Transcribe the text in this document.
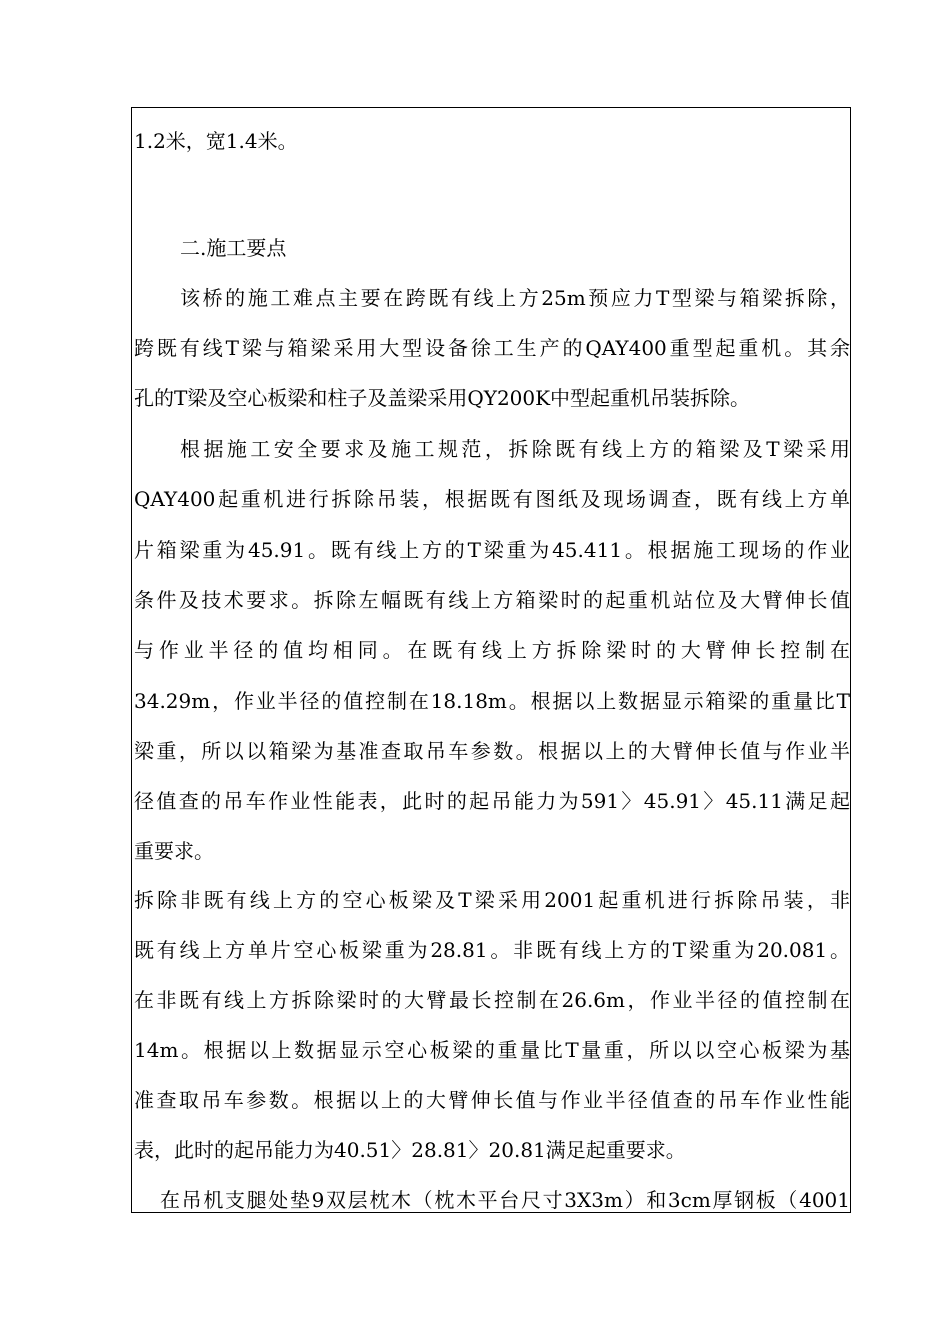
1.2米，宽1.4米。
二.施工要点
该桥的施工难点主要在跨既有线上方25m预应力T型梁与箱梁拆除，
跨既有线T梁与箱梁采用大型设备徐工生产的QAY400重型起重机。其余
孔的T梁及空心板梁和柱子及盖梁采用QY200K中型起重机吊装拆除。
根据施工安全要求及施工规范，拆除既有线上方的箱梁及T梁采用
QAY400起重机进行拆除吊装，根据既有图纸及现场调查，既有线上方单
片箱梁重为45.91。既有线上方的T梁重为45.411。根据施工现场的作业
条件及技术要求。拆除左幅既有线上方箱梁时的起重机站位及大臂伸长值
与作业半径的值均相同。在既有线上方拆除梁时的大臂伸长控制在
34.29m，作业半径的值控制在18.18m。根据以上数据显示箱梁的重量比T
梁重，所以以箱梁为基准查取吊车参数。根据以上的大臂伸长值与作业半
径值查的吊车作业性能表，此时的起吊能力为591〉45.91〉45.11满足起
重要求。
拆除非既有线上方的空心板梁及T梁采用2001起重机进行拆除吊装，非
既有线上方单片空心板梁重为28.81。非既有线上方的T梁重为20.081。
在非既有线上方拆除梁时的大臂最长控制在26.6m，作业半径的值控制在
14m。根据以上数据显示空心板梁的重量比T量重，所以以空心板梁为基
准查取吊车参数。根据以上的大臂伸长值与作业半径值查的吊车作业性能
表，此时的起吊能力为40.51〉28.81〉20.81满足起重要求。
在吊机支腿处垫9双层枕木（枕木平台尺寸3X3m）和3cm厚钢板（4001
